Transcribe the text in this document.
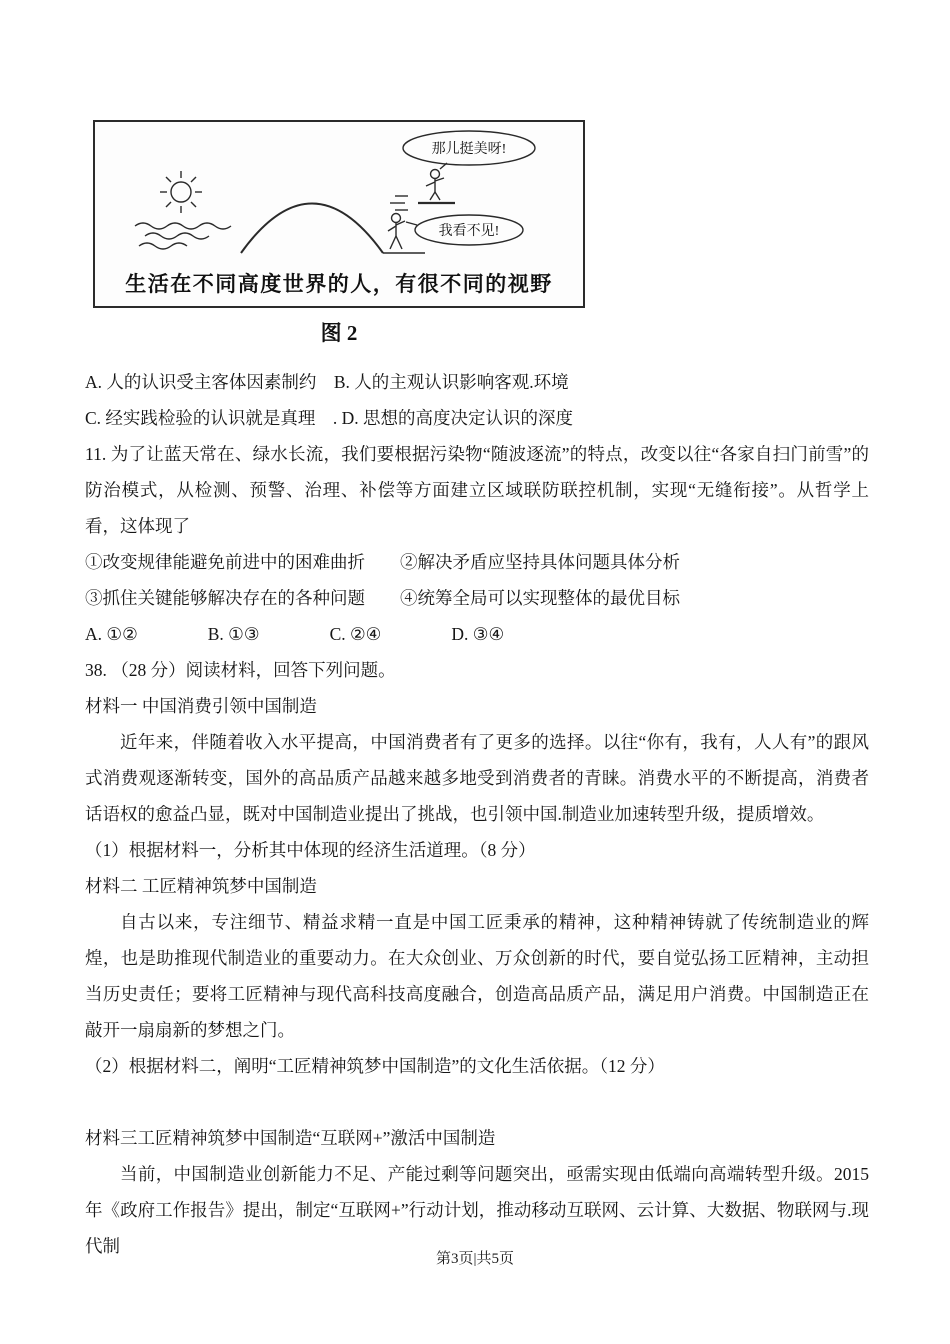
那儿挺美呀!
我看不见!
生活在不同高度世界的人，有很不同的视野
图 2
A. 人的认识受主客体因素制约　B. 人的主观认识影响客观.环境
C. 经实践检验的认识就是真理　. D. 思想的高度决定认识的深度
11. 为了让蓝天常在、绿水长流，我们要根据污染物“随波逐流”的特点，改变以往“各家自扫门前雪”的防治模式，从检测、预警、治理、补偿等方面建立区域联防联控机制，实现“无缝衔接”。从哲学上看，这体现了
①改变规律能避免前进中的困难曲折　　②解决矛盾应坚持具体问题具体分析
③抓住关键能够解决存在的各种问题　　④统筹全局可以实现整体的最优目标
A. ①②　　　　B. ①③　　　　C. ②④　　　　D. ③④
38. （28 分）阅读材料，回答下列问题。
材料一 中国消费引领中国制造
近年来，伴随着收入水平提高，中国消费者有了更多的选择。以往“你有，我有，人人有”的跟风式消费观逐渐转变，国外的高品质产品越来越多地受到消费者的青睐。消费水平的不断提高，消费者话语权的愈益凸显，既对中国制造业提出了挑战，也引领中国.制造业加速转型升级，提质增效。
（1）根据材料一，分析其中体现的经济生活道理。（8 分）
材料二 工匠精神筑梦中国制造
自古以来，专注细节、精益求精一直是中国工匠秉承的精神，这种精神铸就了传统制造业的辉煌，也是助推现代制造业的重要动力。在大众创业、万众创新的时代，要自觉弘扬工匠精神，主动担当历史责任；要将工匠精神与现代高科技高度融合，创造高品质产品，满足用户消费。中国制造正在敲开一扇扇新的梦想之门。
（2）根据材料二，阐明“工匠精神筑梦中国制造”的文化生活依据。（12 分）
材料三工匠精神筑梦中国制造“互联网+”激活中国制造
当前，中国制造业创新能力不足、产能过剩等问题突出，亟需实现由低端向高端转型升级。2015 年《政府工作报告》提出，制定“互联网+”行动计划，推动移动互联网、云计算、大数据、物联网与.现代制
第3页|共5页
